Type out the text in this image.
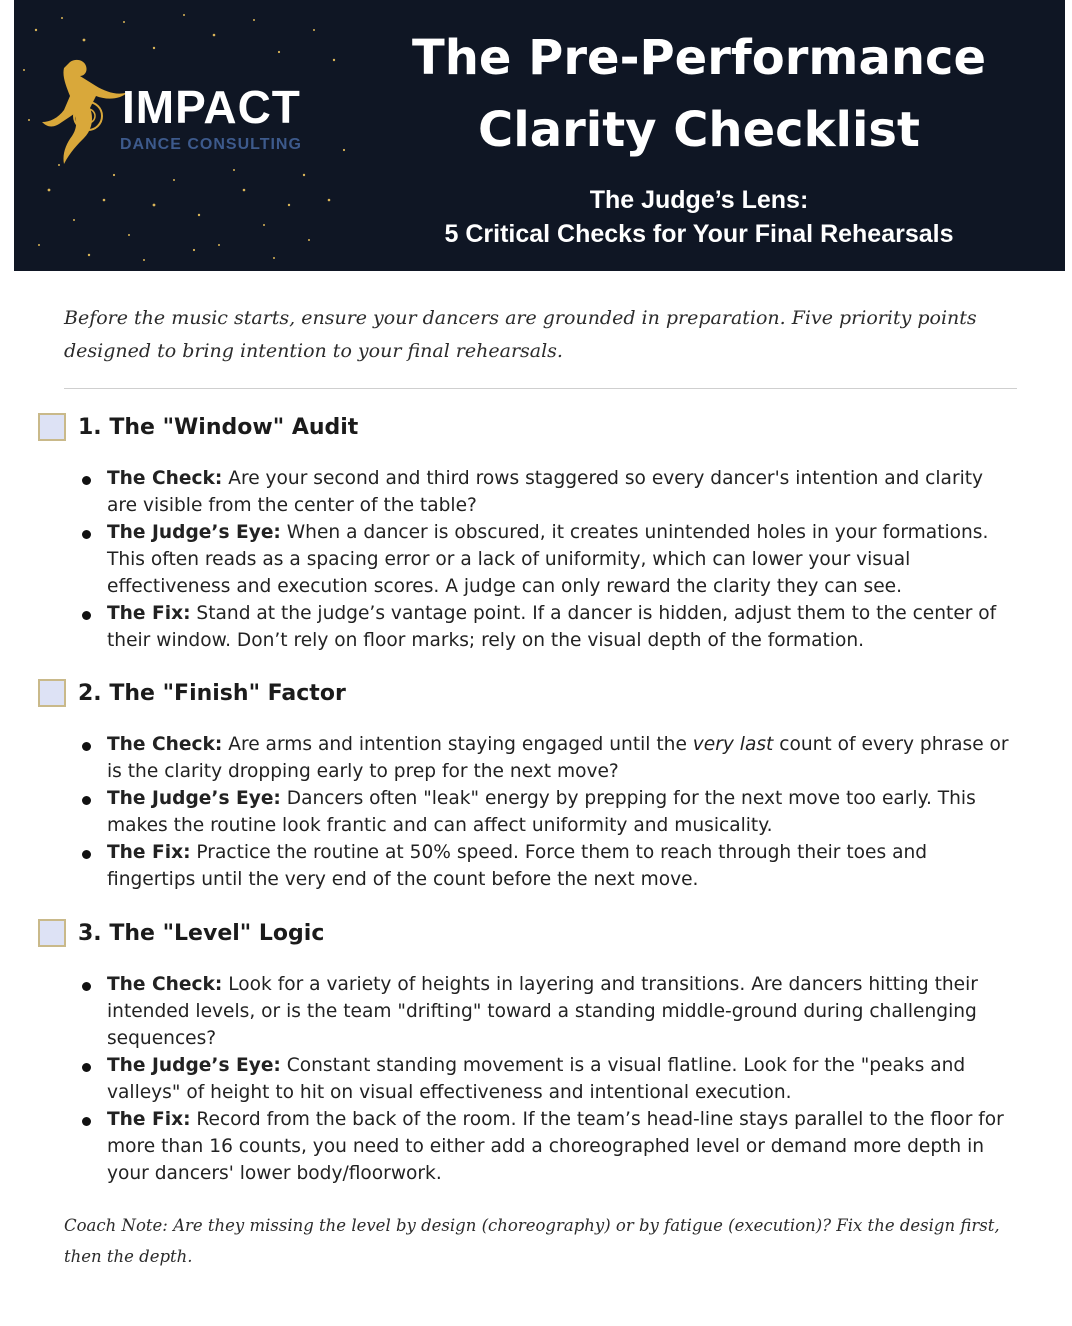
IMPACT
DANCE CONSULTING
The Pre-Performance
Clarity Checklist
The Judge’s Lens:
5 Critical Checks for Your Final Rehearsals
Before the music starts, ensure your dancers are grounded in preparation. Five priority points designed to bring intention to your final rehearsals.
1. The "Window" Audit
The Check: Are your second and third rows staggered so every dancer's intention and clarity are visible from the center of the table?
The Judge’s Eye: When a dancer is obscured, it creates unintended holes in your formations. This often reads as a spacing error or a lack of uniformity, which can lower your visual effectiveness and execution scores. A judge can only reward the clarity they can see.
The Fix: Stand at the judge’s vantage point. If a dancer is hidden, adjust them to the center of their window. Don’t rely on floor marks; rely on the visual depth of the formation.
2. The "Finish" Factor
The Check: Are arms and intention staying engaged until the very last count of every phrase or is the clarity dropping early to prep for the next move?
The Judge’s Eye: Dancers often "leak" energy by prepping for the next move too early. This makes the routine look frantic and can affect uniformity and musicality.
The Fix: Practice the routine at 50% speed. Force them to reach through their toes and fingertips until the very end of the count before the next move.
3. The "Level" Logic
The Check: Look for a variety of heights in layering and transitions. Are dancers hitting their intended levels, or is the team "drifting" toward a standing middle-ground during challenging sequences?
The Judge’s Eye: Constant standing movement is a visual flatline. Look for the "peaks and valleys" of height to hit on visual effectiveness and intentional execution.
The Fix: Record from the back of the room. If the team’s head-line stays parallel to the floor for more than 16 counts, you need to either add a choreographed level or demand more depth in your dancers' lower body/floorwork.
Coach Note: Are they missing the level by design (choreography) or by fatigue (execution)? Fix the design first, then the depth.
